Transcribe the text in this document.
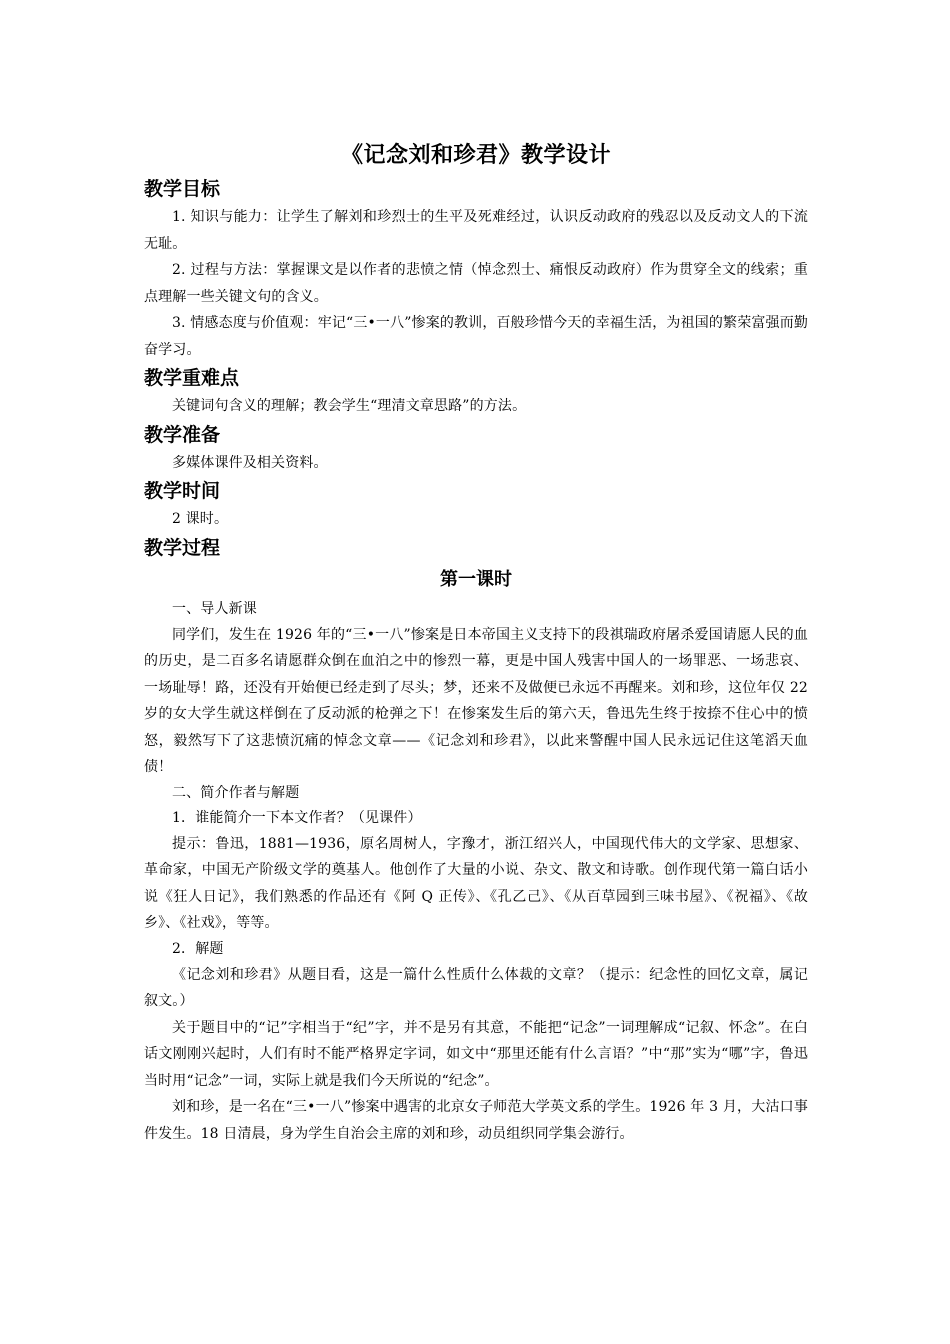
《记念刘和珍君》教学设计
教学目标

1. 知识与能力：让学生了解刘和珍烈士的生平及死难经过，认识反动政府的残忍以及反动文人的下流无耻。

2. 过程与方法：掌握课文是以作者的悲愤之情（悼念烈士、痛恨反动政府）作为贯穿全文的线索；重点理解一些关键文句的含义。

3. 情感态度与价值观：牢记“三•一八”惨案的教训，百般珍惜今天的幸福生活，为祖国的繁荣富强而勤奋学习。

教学重难点

关键词句含义的理解；教会学生“理清文章思路”的方法。

教学准备

多媒体课件及相关资料。

教学时间

2 课时。

教学过程
第一课时

一、导人新课

同学们，发生在 1926 年的“三•一八”惨案是日本帝国主义支持下的段祺瑞政府屠杀爱国请愿人民的血的历史，是二百多名请愿群众倒在血泊之中的惨烈一幕，更是中国人残害中国人的一场罪恶、一场悲哀、一场耻辱！路，还没有开始便已经走到了尽头；梦，还来不及做便已永远不再醒来。刘和珍，这位年仅 22 岁的女大学生就这样倒在了反动派的枪弹之下！在惨案发生后的第六天，鲁迅先生终于按捺不住心中的愤怒，毅然写下了这悲愤沉痛的悼念文章——《记念刘和珍君》，以此来警醒中国人民永远记住这笔滔天血债！

二、简介作者与解题

1．谁能简介一下本文作者？（见课件）

提示：鲁迅，1881—1936，原名周树人，字豫才，浙江绍兴人，中国现代伟大的文学家、思想家、革命家，中国无产阶级文学的奠基人。他创作了大量的小说、杂文、散文和诗歌。创作现代第一篇白话小说《狂人日记》，我们熟悉的作品还有《阿 Q 正传》、《孔乙己》、《从百草园到三味书屋》、《祝福》、《故乡》、《社戏》，等等。

2．解题

《记念刘和珍君》从题目看，这是一篇什么性质什么体裁的文章？（提示：纪念性的回忆文章，属记叙文。）

关于题目中的“记”字相当于“纪”字，并不是另有其意，不能把“记念”一词理解成“记叙、怀念”。在白话文刚刚兴起时，人们有时不能严格界定字词，如文中“那里还能有什么言语？”中“那”实为“哪”字，鲁迅当时用“记念”一词，实际上就是我们今天所说的“纪念”。

刘和珍，是一名在“三•一八”惨案中遇害的北京女子师范大学英文系的学生。1926 年 3 月，大沽口事件发生。18 日清晨，身为学生自治会主席的刘和珍，动员组织同学集会游行。
